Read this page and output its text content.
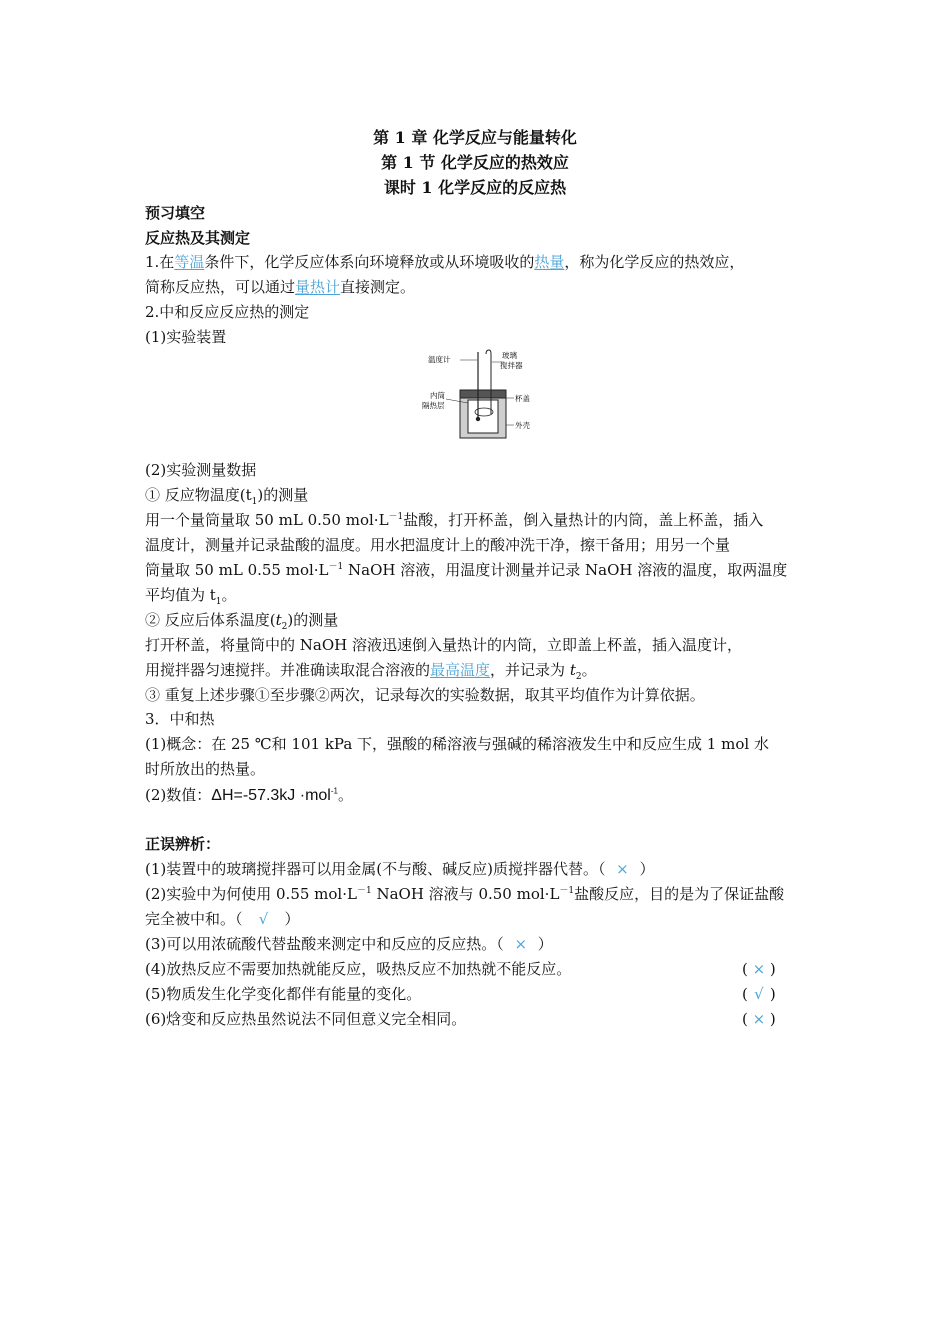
第 1 章 化学反应与能量转化
第 1 节 化学反应的热效应
课时 1 化学反应的反应热
预习填空
反应热及其测定
1.在等温条件下，化学反应体系向环境释放或从环境吸收的热量，称为化学反应的热效应，
简称反应热，可以通过量热计直接测定。
2.中和反应反应热的测定
(1)实验装置
温度计	玻璃
搅拌器
内筒
隔热层
杯盖
外壳
(2)实验测量数据
① 反应物温度$(t_1)$的测量
用一个量筒量取 50 mL 0.50 $mol\cdot L^{-1}$盐酸，打开杯盖，倒入量热计的内筒，盖上杯盖，插入
温度计，测量并记录盐酸的温度。用水把温度计上的酸冲洗干净，擦干备用；用另一个量
筒量取 50 mL 0.55 $mol\cdot L^{-1}$ NaOH 溶液，用温度计测量并记录 NaOH 溶液的温度，取两温度
平均值为 $t_1$。
② 反应后体系温度$(t_2)$的测量
打开杯盖，将量筒中的 NaOH 溶液迅速倒入量热计的内筒，立即盖上杯盖，插入温度计，
用搅拌器匀速搅拌。并准确读取混合溶液的最高温度，并记录为 $t_2$。
③ 重复上述步骤①至步骤②两次，记录每次的实验数据，取其平均值作为计算依据。
3．中和热
(1)概念：在 25 ℃和 101 kPa 下，强酸的稀溶液与强碱的稀溶液发生中和反应生成 1 mol 水
时所放出的热量。
(2)数值：ΔH=-57.3kJ ·mol$^{-1}$。
正误辨析：
(1)装置中的玻璃搅拌器可以用金属(不与酸、碱反应)质搅拌器代替。（ × ）
(2)实验中为何使用 0.55 $mol\cdot L^{-1}$ NaOH 溶液与 0.50 $mol\cdot L^{-1}$盐酸反应，目的是为了保证盐酸
完全被中和。（ √ ）
(3)可以用浓硫酸代替盐酸来测定中和反应的反应热。（ × ）
(4)放热反应不需要加热就能反应，吸热反应不加热就不能反应。	( × )
(5)物质发生化学变化都伴有能量的变化。	( √ )
(6)焓变和反应热虽然说法不同但意义完全相同。	( × )
